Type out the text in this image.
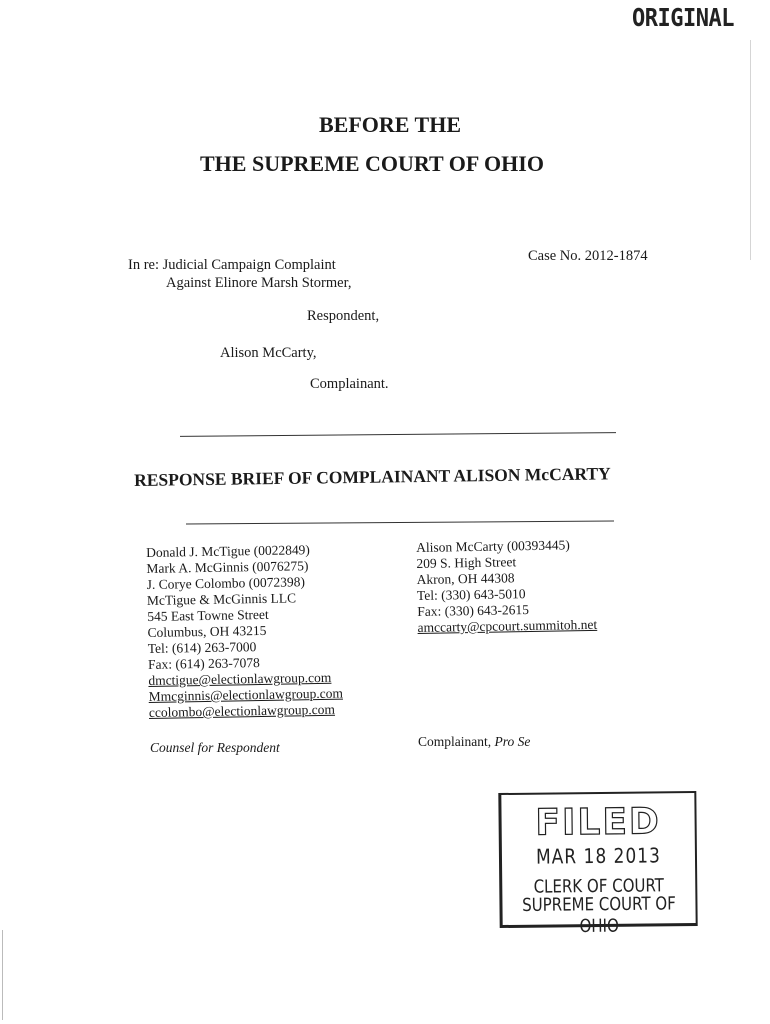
ORIGINAL
BEFORE THE
THE SUPREME COURT OF OHIO
In re: Judicial Campaign Complaint
Against Elinore Marsh Stormer,
Case No. 2012-1874
Respondent,
Alison McCarty,
Complainant.
RESPONSE BRIEF OF COMPLAINANT ALISON McCARTY
Donald J. McTigue (0022849)
Mark A. McGinnis (0076275)
J. Corye Colombo (0072398)
McTigue & McGinnis LLC
545 East Towne Street
Columbus, OH 43215
Tel: (614) 263-7000
Fax: (614) 263-7078
dmctigue@electionlawgroup.com
Mmcginnis@electionlawgroup.com
ccolombo@electionlawgroup.com
Alison McCarty (00393445)
209 S. High Street
Akron, OH 44308
Tel: (330) 643-5010
Fax: (330) 643-2615
amccarty@cpcourt.summitoh.net
Counsel for Respondent	Complainant, Pro Se
FILED
MAR 18 2013
CLERK OF COURT
SUPREME COURT OF OHIO
